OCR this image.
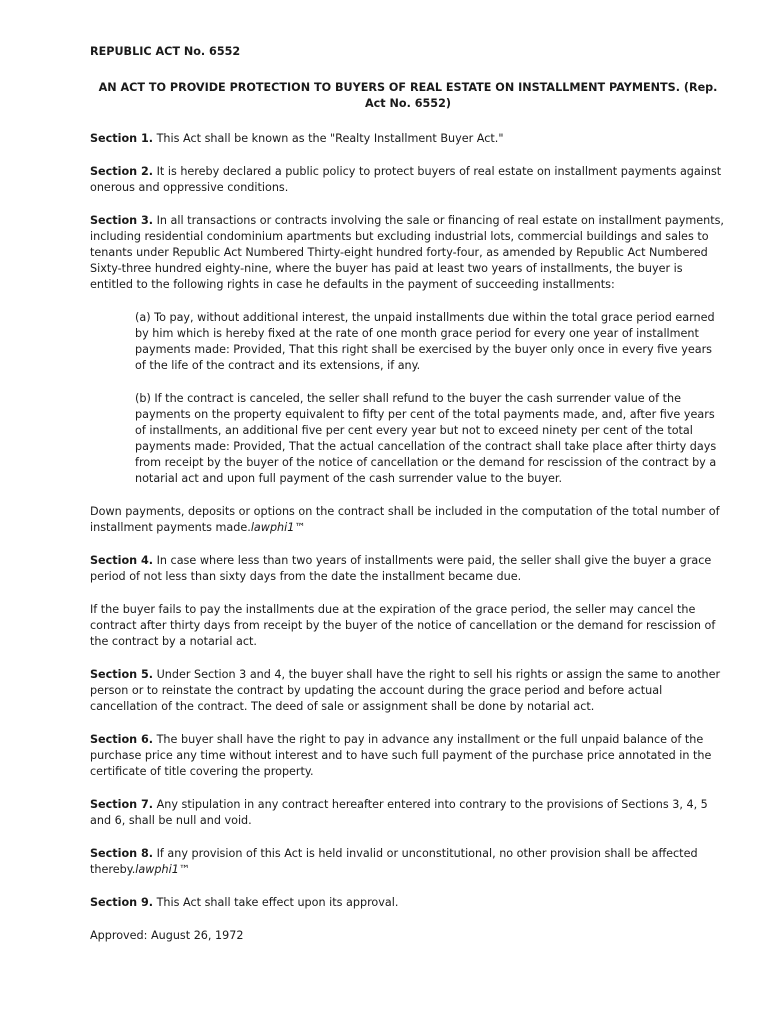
REPUBLIC ACT No. 6552

AN ACT TO PROVIDE PROTECTION TO BUYERS OF REAL ESTATE ON INSTALLMENT PAYMENTS. (Rep. Act No. 6552)

Section 1. This Act shall be known as the "Realty Installment Buyer Act."

Section 2. It is hereby declared a public policy to protect buyers of real estate on installment payments against onerous and oppressive conditions.

Section 3. In all transactions or contracts involving the sale or financing of real estate on installment payments, including residential condominium apartments but excluding industrial lots, commercial buildings and sales to tenants under Republic Act Numbered Thirty-eight hundred forty-four, as amended by Republic Act Numbered Sixty-three hundred eighty-nine, where the buyer has paid at least two years of installments, the buyer is entitled to the following rights in case he defaults in the payment of succeeding installments:

(a) To pay, without additional interest, the unpaid installments due within the total grace period earned by him which is hereby fixed at the rate of one month grace period for every one year of installment payments made: Provided, That this right shall be exercised by the buyer only once in every five years of the life of the contract and its extensions, if any.

(b) If the contract is canceled, the seller shall refund to the buyer the cash surrender value of the payments on the property equivalent to fifty per cent of the total payments made, and, after five years of installments, an additional five per cent every year but not to exceed ninety per cent of the total payments made: Provided, That the actual cancellation of the contract shall take place after thirty days from receipt by the buyer of the notice of cancellation or the demand for rescission of the contract by a notarial act and upon full payment of the cash surrender value to the buyer.

Down payments, deposits or options on the contract shall be included in the computation of the total number of installment payments made.lawphi1™

Section 4. In case where less than two years of installments were paid, the seller shall give the buyer a grace period of not less than sixty days from the date the installment became due.

If the buyer fails to pay the installments due at the expiration of the grace period, the seller may cancel the contract after thirty days from receipt by the buyer of the notice of cancellation or the demand for rescission of the contract by a notarial act.

Section 5. Under Section 3 and 4, the buyer shall have the right to sell his rights or assign the same to another person or to reinstate the contract by updating the account during the grace period and before actual cancellation of the contract. The deed of sale or assignment shall be done by notarial act.

Section 6. The buyer shall have the right to pay in advance any installment or the full unpaid balance of the purchase price any time without interest and to have such full payment of the purchase price annotated in the certificate of title covering the property.

Section 7. Any stipulation in any contract hereafter entered into contrary to the provisions of Sections 3, 4, 5 and 6, shall be null and void.

Section 8. If any provision of this Act is held invalid or unconstitutional, no other provision shall be affected thereby.lawphi1™

Section 9. This Act shall take effect upon its approval.

Approved: August 26, 1972
